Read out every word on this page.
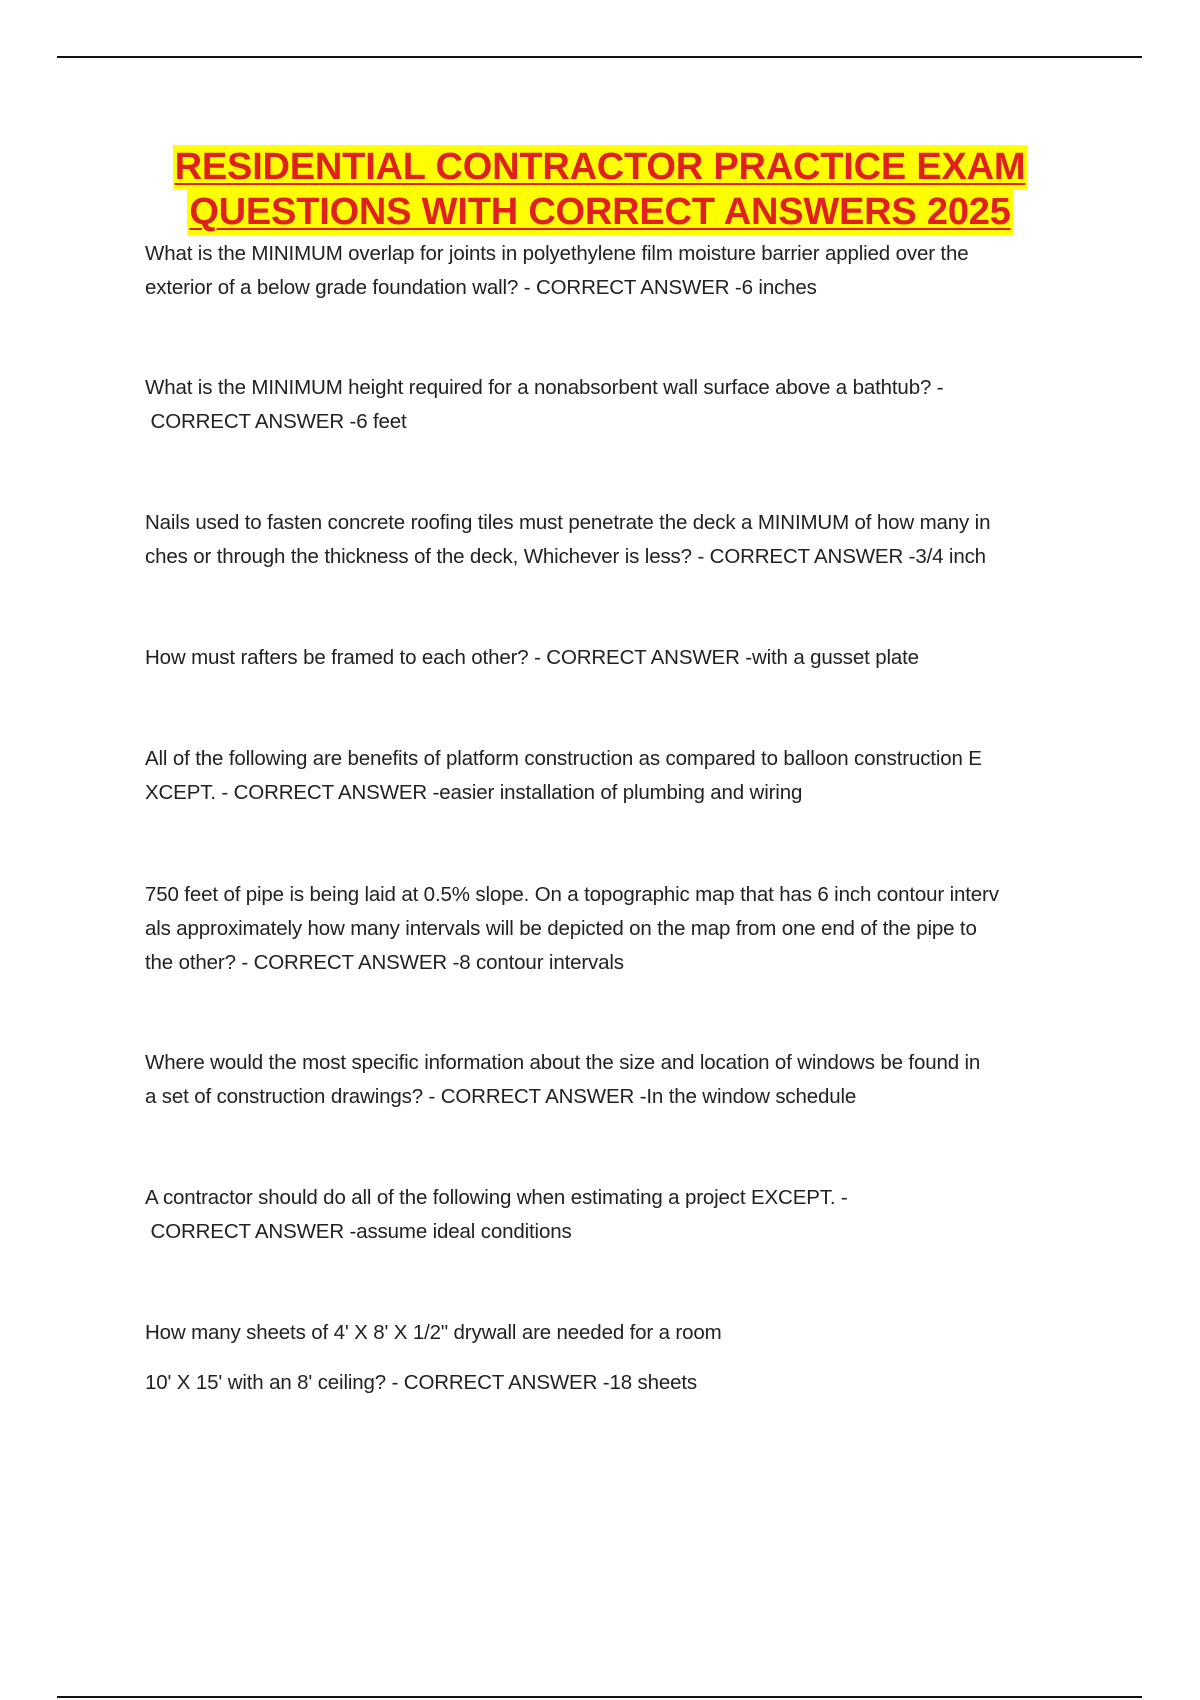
RESIDENTIAL CONTRACTOR PRACTICE EXAM
QUESTIONS WITH CORRECT ANSWERS 2025
What is the MINIMUM overlap for joints in polyethylene film moisture barrier applied over the
exterior of a below grade foundation wall? - CORRECT ANSWER -6 inches
What is the MINIMUM height required for a nonabsorbent wall surface above a bathtub? -
CORRECT ANSWER -6 feet
Nails used to fasten concrete roofing tiles must penetrate the deck a MINIMUM of how many in
ches or through the thickness of the deck, Whichever is less? - CORRECT ANSWER -3/4 inch
How must rafters be framed to each other? - CORRECT ANSWER -with a gusset plate
All of the following are benefits of platform construction as compared to balloon construction E
XCEPT. - CORRECT ANSWER -easier installation of plumbing and wiring
750 feet of pipe is being laid at 0.5% slope. On a topographic map that has 6 inch contour interv
als approximately how many intervals will be depicted on the map from one end of the pipe to
the other? - CORRECT ANSWER -8 contour intervals
Where would the most specific information about the size and location of windows be found in
a set of construction drawings? - CORRECT ANSWER -In the window schedule
A contractor should do all of the following when estimating a project EXCEPT. -
CORRECT ANSWER -assume ideal conditions
How many sheets of 4' X 8' X 1/2" drywall are needed for a room
10' X 15' with an 8' ceiling? - CORRECT ANSWER -18 sheets
